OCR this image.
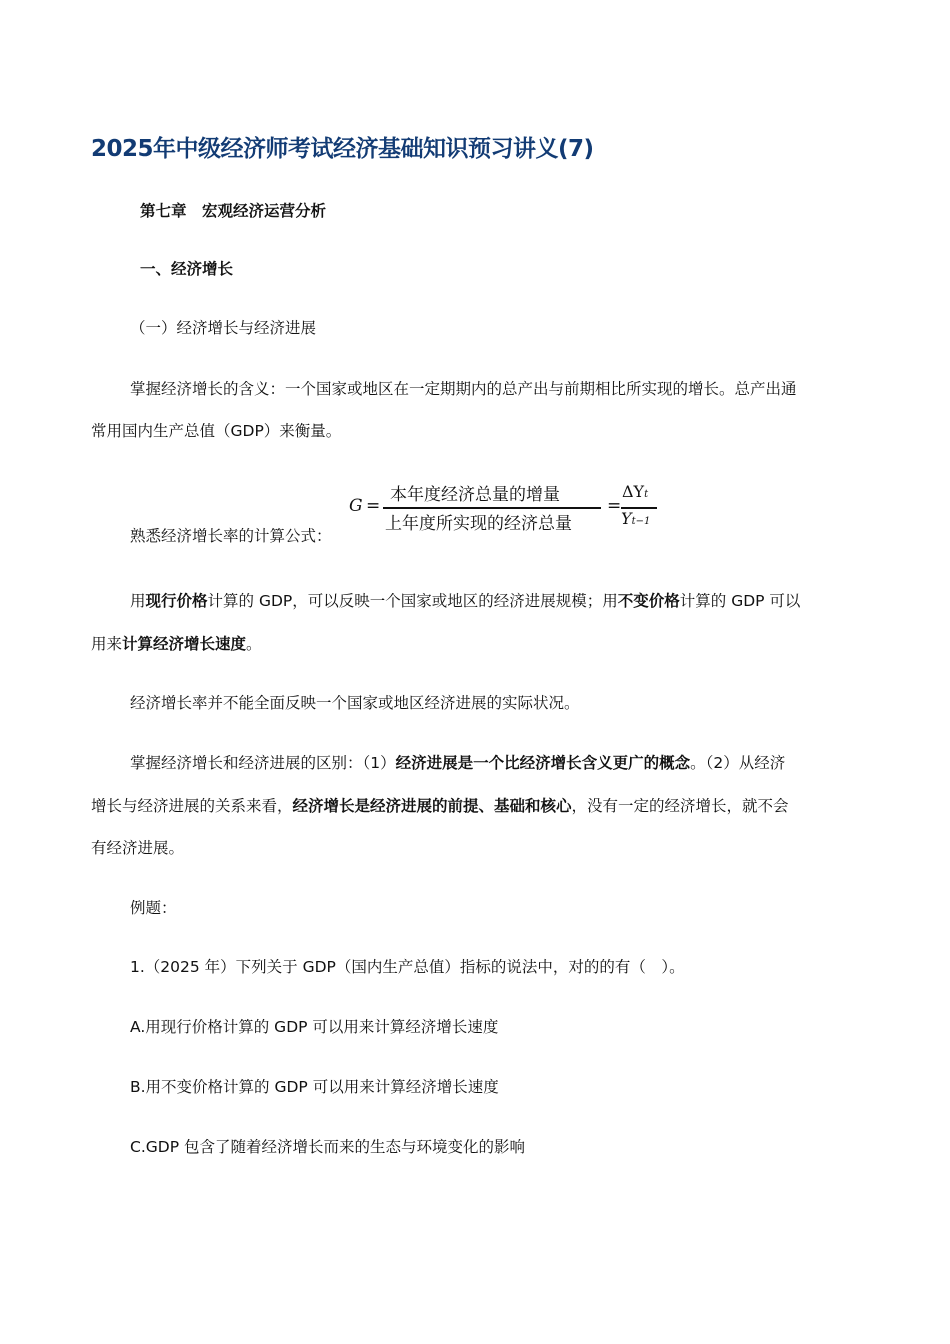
2025年中级经济师考试经济基础知识预习讲义(7)
第七章　宏观经济运营分析
一、经济增长
（一）经济增长与经济进展
掌握经济增长的含义：一个国家或地区在一定期期内的总产出与前期相比所实现的增长。总产出通
常用国内生产总值（GDP）来衡量。
熟悉经济增长率的计算公式：
G =
本年度经济总量的增量
上年度所实现的经济总量
=
ΔYt
Yt−1
用现行价格计算的 GDP，可以反映一个国家或地区的经济进展规模；用不变价格计算的 GDP 可以
用来计算经济增长速度。
经济增长率并不能全面反映一个国家或地区经济进展的实际状况。
掌握经济增长和经济进展的区别：（1）经济进展是一个比经济增长含义更广的概念。（2）从经济
增长与经济进展的关系来看，经济增长是经济进展的前提、基础和核心，没有一定的经济增长，就不会
有经济进展。
例题：
1.（2025 年）下列关于 GDP（国内生产总值）指标的说法中，对的的有（　）。
A.用现行价格计算的 GDP 可以用来计算经济增长速度
B.用不变价格计算的 GDP 可以用来计算经济增长速度
C.GDP 包含了随着经济增长而来的生态与环境变化的影响
